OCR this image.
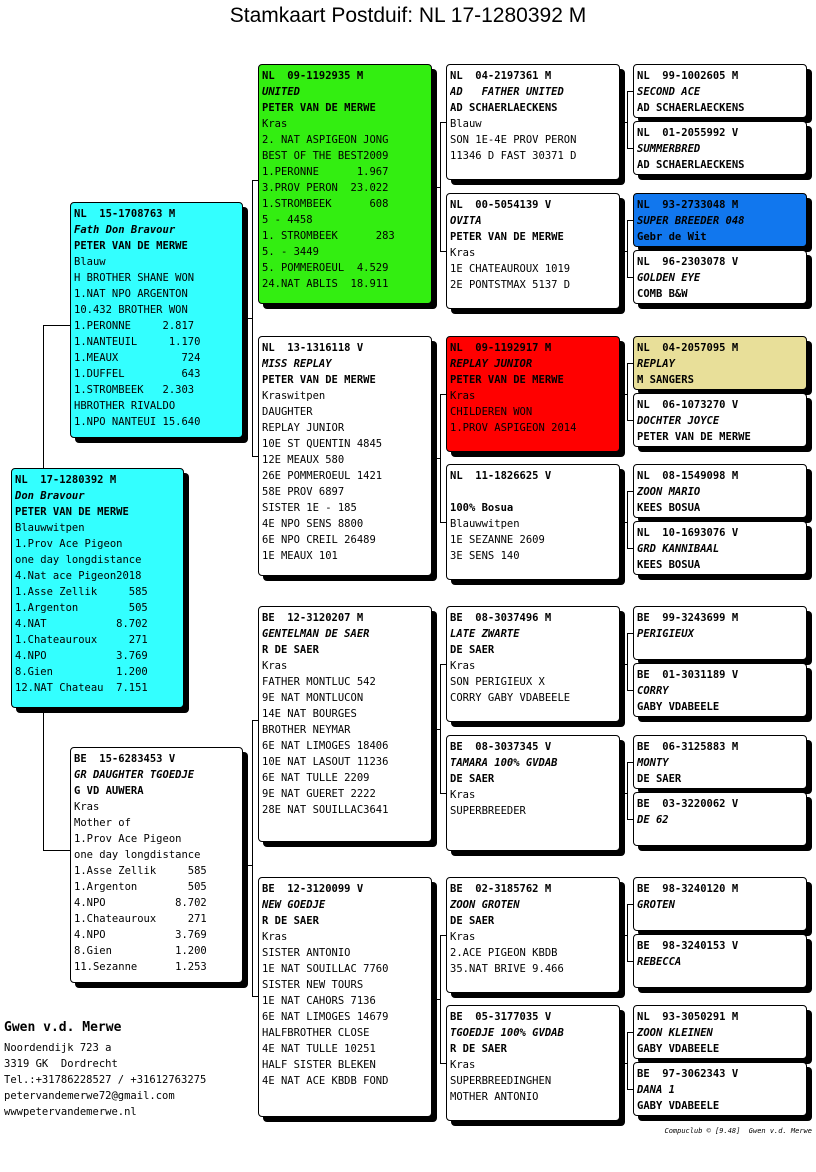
Stamkaart Postduif: NL 17-1280392 M
Gwen v.d. Merwe
Noordendijk 723 a
3319 GK  Dordrecht
Tel.:+31786228527 / +31612763275
petervandemerwe72@gmail.com
wwwpetervandemerwe.nl
Compuclub © [9.48]  Gwen v.d. Merwe
NL  17-1280392 M
Don Bravour
PETER VAN DE MERWE
Blauwwitpen
1.Prov Ace Pigeon
one day longdistance
4.Nat ace Pigeon2018
1.Asse Zellik     585
1.Argenton        505
4.NAT           8.702
1.Chateauroux     271
4.NPO           3.769
8.Gien          1.200
12.NAT Chateau  7.151
NL  15-1708763 M
Fath Don Bravour
PETER VAN DE MERWE
Blauw
H BROTHER SHANE WON
1.NAT NPO ARGENTON
10.432 BROTHER WON
1.PERONNE     2.817
1.NANTEUIL     1.170
1.MEAUX          724
1.DUFFEL         643
1.STROMBEEK   2.303
HBROTHER RIVALDO
1.NPO NANTEUI 15.640
BE  15-6283453 V
GR DAUGHTER TGOEDJE
G VD AUWERA
Kras
Mother of
1.Prov Ace Pigeon
one day longdistance
1.Asse Zellik     585
1.Argenton        505
4.NPO           8.702
1.Chateauroux     271
4.NPO           3.769
8.Gien          1.200
11.Sezanne      1.253
NL  09-1192935 M
UNITED
PETER VAN DE MERWE
Kras
2. NAT ASPIGEON JONG
BEST OF THE BEST2009
1.PERONNE      1.967
3.PROV PERON  23.022
1.STROMBEEK      608
5 - 4458
1. STROMBEEK      283
5. - 3449
5. POMMEROEUL  4.529
24.NAT ABLIS  18.911
NL  13-1316118 V
MISS REPLAY
PETER VAN DE MERWE
Kraswitpen
DAUGHTER
REPLAY JUNIOR
10E ST QUENTIN 4845
12E MEAUX 580
26E POMMEROEUL 1421
58E PROV 6897
SISTER 1E - 185
4E NPO SENS 8800
6E NPO CREIL 26489
1E MEAUX 101
BE  12-3120207 M
GENTELMAN DE SAER
R DE SAER
Kras
FATHER MONTLUC 542
9E NAT MONTLUCON
14E NAT BOURGES
BROTHER NEYMAR
6E NAT LIMOGES 18406
10E NAT LASOUT 11236
6E NAT TULLE 2209
9E NAT GUERET 2222
28E NAT SOUILLAC3641
BE  12-3120099 V
NEW GOEDJE
R DE SAER
Kras
SISTER ANTONIO
1E NAT SOUILLAC 7760
SISTER NEW TOURS
1E NAT CAHORS 7136
6E NAT LIMOGES 14679
HALFBROTHER CLOSE
4E NAT TULLE 10251
HALF SISTER BLEKEN
4E NAT ACE KBDB FOND
NL  04-2197361 M
AD   FATHER UNITED
AD SCHAERLAECKENS
Blauw
SON 1E-4E PROV PERON
11346 D FAST 30371 D
NL  00-5054139 V
OVITA
PETER VAN DE MERWE
Kras
1E CHATEAUROUX 1019
2E PONTSTMAX 5137 D
NL  09-1192917 M
REPLAY JUNIOR
PETER VAN DE MERWE
Kras
CHILDEREN WON
1.PROV ASPIGEON 2014
NL  11-1826625 V
100% Bosua
Blauwwitpen
1E SEZANNE 2609
3E SENS 140
BE  08-3037496 M
LATE ZWARTE
DE SAER
Kras
SON PERIGIEUX X
CORRY GABY VDABEELE
BE  08-3037345 V
TAMARA 100% GVDAB
DE SAER
Kras
SUPERBREEDER
BE  02-3185762 M
ZOON GROTEN
DE SAER
Kras
2.ACE PIGEON KBDB
35.NAT BRIVE 9.466
BE  05-3177035 V
TGOEDJE 100% GVDAB
R DE SAER
Kras
SUPERBREEDINGHEN
MOTHER ANTONIO
NL  99-1002605 M
SECOND ACE
AD SCHAERLAECKENS
NL  01-2055992 V
SUMMERBRED
AD SCHAERLAECKENS
NL  93-2733048 M
SUPER BREEDER 048
Gebr de Wit
NL  96-2303078 V
GOLDEN EYE
COMB B&W
NL  04-2057095 M
REPLAY
M SANGERS
NL  06-1073270 V
DOCHTER JOYCE
PETER VAN DE MERWE
NL  08-1549098 M
ZOON MARIO
KEES BOSUA
NL  10-1693076 V
GRD KANNIBAAL
KEES BOSUA
BE  99-3243699 M
PERIGIEUX
BE  01-3031189 V
CORRY
GABY VDABEELE
BE  06-3125883 M
MONTY
DE SAER
BE  03-3220062 V
DE 62
BE  98-3240120 M
GROTEN
BE  98-3240153 V
REBECCA
NL  93-3050291 M
ZOON KLEINEN
GABY VDABEELE
BE  97-3062343 V
DANA 1
GABY VDABEELE
